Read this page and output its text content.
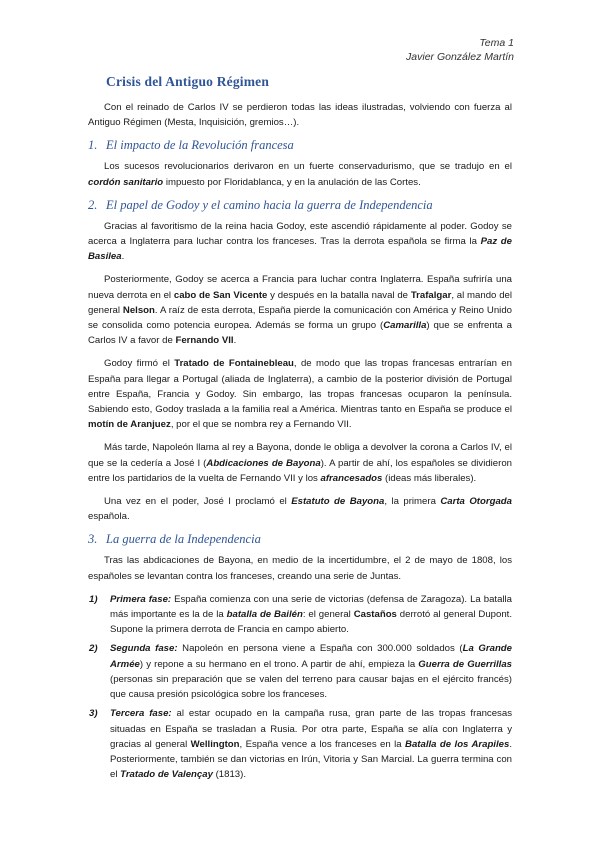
Tema 1
Javier González Martín
Crisis del Antiguo Régimen

Con el reinado de Carlos IV se perdieron todas las ideas ilustradas, volviendo con fuerza al Antiguo Régimen (Mesta, Inquisición, gremios…).

1. El impacto de la Revolución francesa

Los sucesos revolucionarios derivaron en un fuerte conservadurismo, que se tradujo en el cordón sanitario impuesto por Floridablanca, y en la anulación de las Cortes.

2. El papel de Godoy y el camino hacia la guerra de Independencia

Gracias al favoritismo de la reina hacia Godoy, este ascendió rápidamente al poder. Godoy se acerca a Inglaterra para luchar contra los franceses. Tras la derrota española se firma la Paz de Basilea.

Posteriormente, Godoy se acerca a Francia para luchar contra Inglaterra. España sufriría una nueva derrota en el cabo de San Vicente y después en la batalla naval de Trafalgar, al mando del general Nelson. A raíz de esta derrota, España pierde la comunicación con América y Reino Unido se consolida como potencia europea. Además se forma un grupo (Camarilla) que se enfrenta a Carlos IV a favor de Fernando VII.

Godoy firmó el Tratado de Fontainebleau, de modo que las tropas francesas entrarían en España para llegar a Portugal (aliada de Inglaterra), a cambio de la posterior división de Portugal entre España, Francia y Godoy. Sin embargo, las tropas francesas ocuparon la península. Sabiendo esto, Godoy traslada a la familia real a América. Mientras tanto en España se produce el motín de Aranjuez, por el que se nombra rey a Fernando VII.

Más tarde, Napoleón llama al rey a Bayona, donde le obliga a devolver la corona a Carlos IV, el que se la cedería a José I (Abdicaciones de Bayona). A partir de ahí, los españoles se dividieron entre los partidarios de la vuelta de Fernando VII y los afrancesados (ideas más liberales).

Una vez en el poder, José I proclamó el Estatuto de Bayona, la primera Carta Otorgada española.

3. La guerra de la Independencia

Tras las abdicaciones de Bayona, en medio de la incertidumbre, el 2 de mayo de 1808, los españoles se levantan contra los franceses, creando una serie de Juntas.

1) Primera fase: España comienza con una serie de victorias (defensa de Zaragoza). La batalla más importante es la de la batalla de Bailén: el general Castaños derrotó al general Dupont. Supone la primera derrota de Francia en campo abierto.
2) Segunda fase: Napoleón en persona viene a España con 300.000 soldados (La Grande Armée) y repone a su hermano en el trono. A partir de ahí, empieza la Guerra de Guerrillas (personas sin preparación que se valen del terreno para causar bajas en el ejército francés) que causa presión psicológica sobre los franceses.
3) Tercera fase: al estar ocupado en la campaña rusa, gran parte de las tropas francesas situadas en España se trasladan a Rusia. Por otra parte, España se alía con Inglaterra y gracias al general Wellington, España vence a los franceses en la Batalla de los Arapiles. Posteriormente, también se dan victorias en Irún, Vitoria y San Marcial. La guerra termina con el Tratado de Valençay (1813).
